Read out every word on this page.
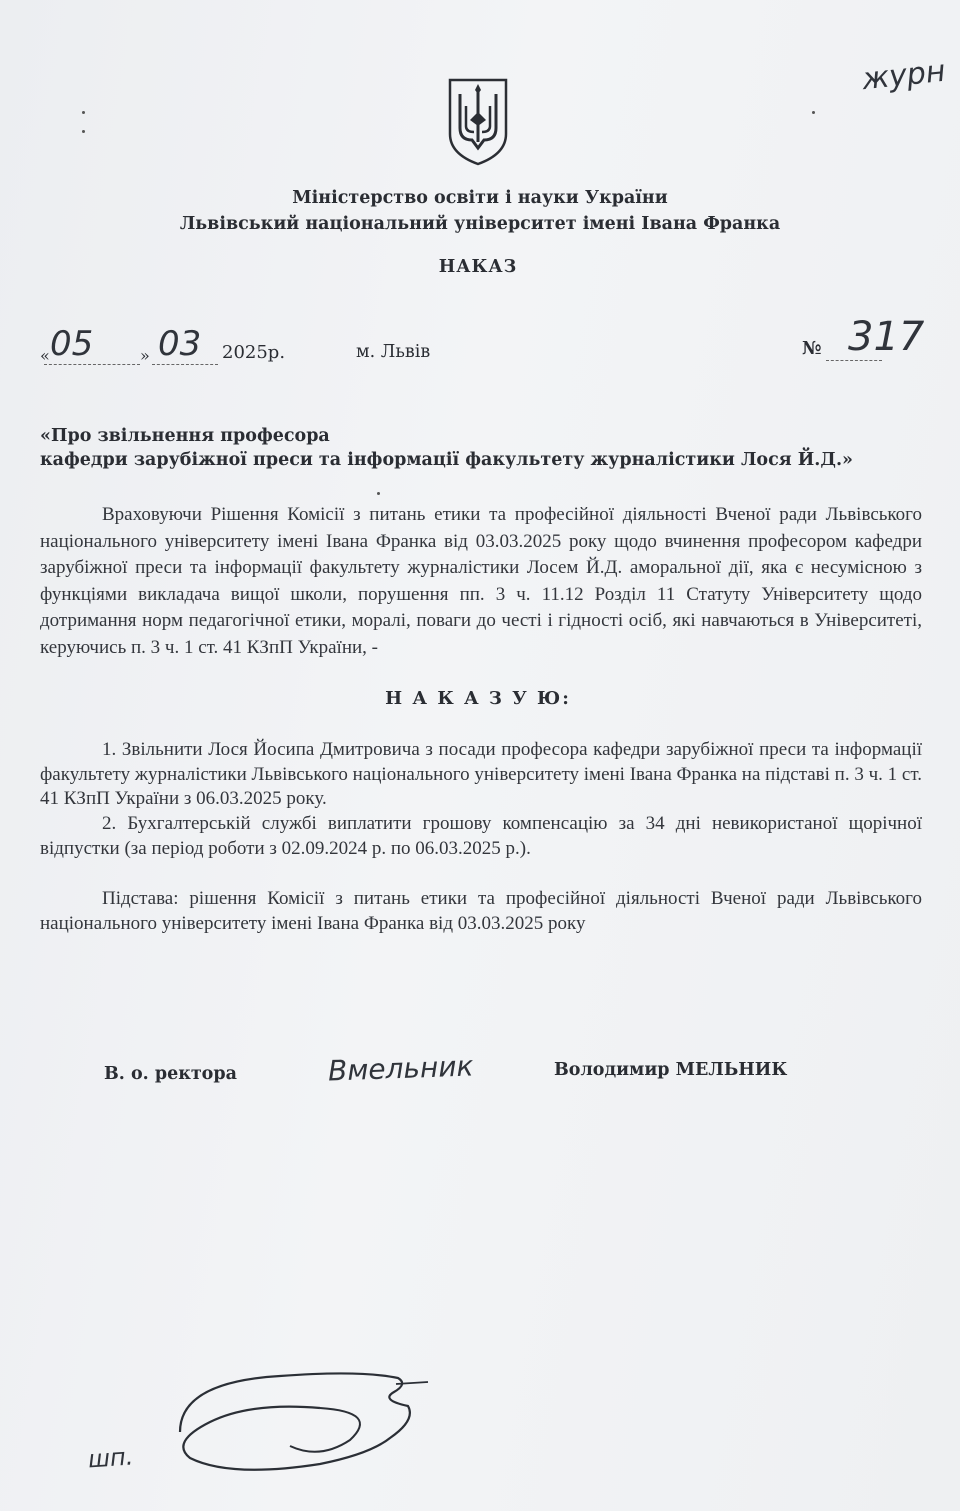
журн
Міністерство освіти і науки України
Львівський національний університет імені Івана Франка
НАКАЗ
« 05	» 03 2025р.	м. Львів	№ 317
«Про звільнення професора
кафедри зарубіжної преси та інформації факультету журналістики Лося Й.Д.»

Враховуючи Рішення Комісії з питань етики та професійної діяльності Вченої ради Львівського національного університету імені Івана Франка від 03.03.2025 року щодо вчинення професором кафедри зарубіжної преси та інформації факультету журналістики Лосем Й.Д. аморальної дії, яка є несумісною з функціями викладача вищої школи, порушення пп. 3 ч. 11.12 Розділ 11 Статуту Університету щодо дотримання норм педагогічної етики, моралі, поваги до честі і гідності осіб, які навчаються в Університеті, керуючись п. 3 ч. 1 ст. 41 КЗпП України, -

Н А К А З У Ю:

1. Звільнити Лося Йосипа Дмитровича з посади професора кафедри зарубіжної преси та інформації факультету журналістики Львівського національного університету імені Івана Франка на підставі п. 3 ч. 1 ст. 41 КЗпП України з 06.03.2025 року.

2. Бухгалтерській службі виплатити грошову компенсацію за 34 дні невикористаної щорічної відпустки (за період роботи з 02.09.2024 р. по 06.03.2025 р.).

Підстава: рішення Комісії з питань етики та професійної діяльності Вченої ради Львівського національного університету імені Івана Франка від 03.03.2025 року

В. о. ректора	Вмельник	Володимир МЕЛЬНИК
шп.
